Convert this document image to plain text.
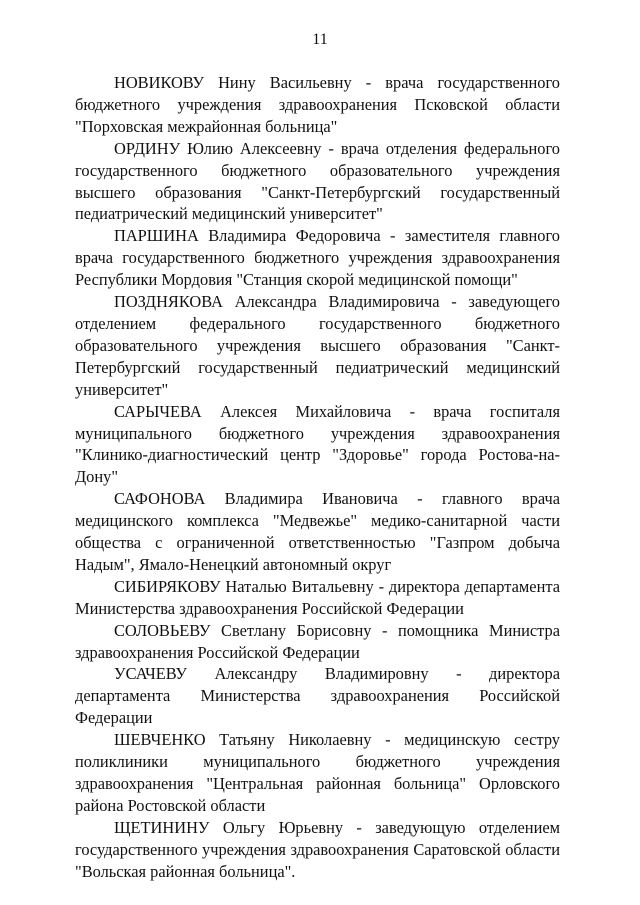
11

НОВИКОВУ Нину Васильевну - врача государственного бюджетного учреждения здравоохранения Псковской области "Порховская межрайонная больница"

ОРДИНУ Юлию Алексеевну - врача отделения федерального государственного бюджетного образовательного учреждения высшего образования "Санкт-Петербургский государственный педиатрический медицинский университет"

ПАРШИНА Владимира Федоровича - заместителя главного врача государственного бюджетного учреждения здравоохранения Республики Мордовия "Станция скорой медицинской помощи"

ПОЗДНЯКОВА Александра Владимировича - заведующего отделением федерального государственного бюджетного образовательного учреждения высшего образования "Санкт-Петербургский государственный педиатрический медицинский университет"

САРЫЧЕВА Алексея Михайловича - врача госпиталя муниципального бюджетного учреждения здравоохранения "Клинико-диагностический центр "Здоровье" города Ростова-на-Дону"

САФОНОВА Владимира Ивановича - главного врача медицинского комплекса "Медвежье" медико-санитарной части общества с ограниченной ответственностью "Газпром добыча Надым", Ямало-Ненецкий автономный округ

СИБИРЯКОВУ Наталью Витальевну - директора департамента Министерства здравоохранения Российской Федерации

СОЛОВЬЕВУ Светлану Борисовну - помощника Министра здравоохранения Российской Федерации

УСАЧЕВУ Александру Владимировну - директора департамента Министерства здравоохранения Российской Федерации

ШЕВЧЕНКО Татьяну Николаевну - медицинскую сестру поликлиники муниципального бюджетного учреждения здравоохранения "Центральная районная больница" Орловского района Ростовской области

ЩЕТИНИНУ Ольгу Юрьевну - заведующую отделением государственного учреждения здравоохранения Саратовской области "Вольская районная больница".
